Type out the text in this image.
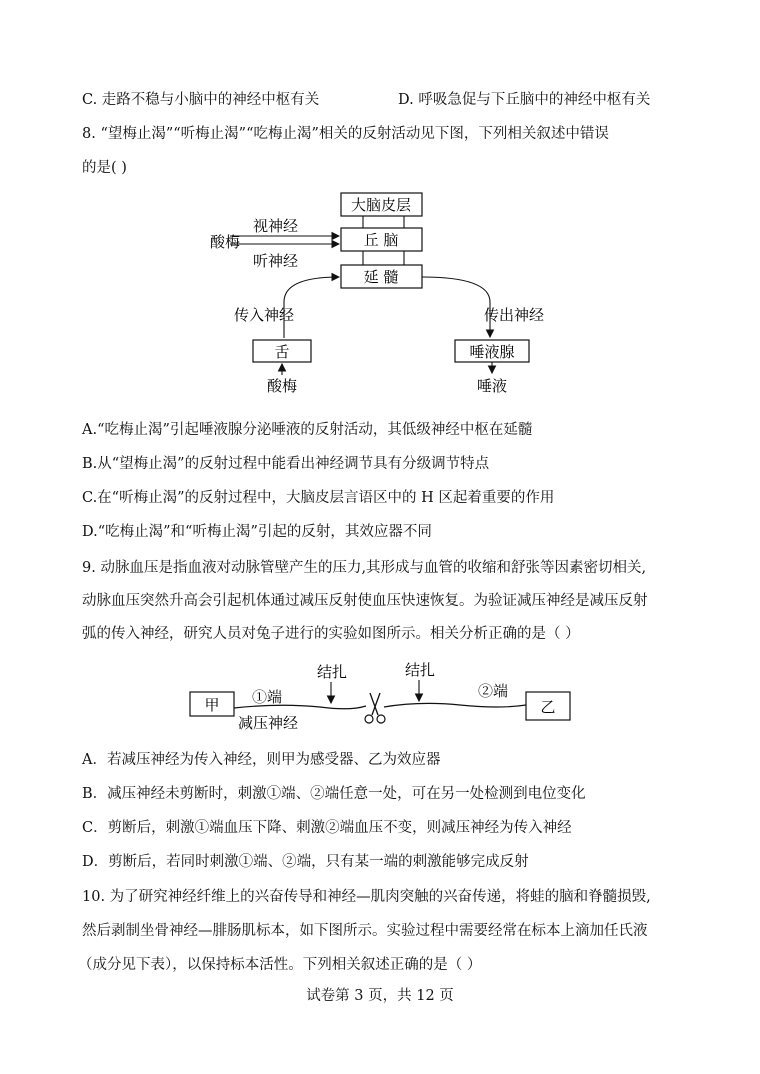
C. 走路不稳与小脑中的神经中枢有关	D. 呼吸急促与下丘脑中的神经中枢有关
8. “望梅止渴”“听梅止渴”“吃梅止渴”相关的反射活动见下图，下列相关叙述中错误
的是( )
大脑皮层
丘 脑
延 髓
酸梅
视神经
听神经
传入神经	传出神经
舌	唾液腺
酸梅	唾液
A.“吃梅止渴”引起唾液腺分泌唾液的反射活动，其低级神经中枢在延髓
B.从“望梅止渴”的反射过程中能看出神经调节具有分级调节特点
C.在“听梅止渴”的反射过程中，大脑皮层言语区中的 H 区起着重要的作用
D.“吃梅止渴”和“听梅止渴”引起的反射，其效应器不同
9. 动脉血压是指血液对动脉管壁产生的压力,其形成与血管的收缩和舒张等因素密切相关,
动脉血压突然升高会引起机体通过减压反射使血压快速恢复。为验证减压神经是减压反射
弧的传入神经，研究人员对兔子进行的实验如图所示。相关分析正确的是（ ）
甲	乙
①端	②端
结扎	结扎
减压神经
A．若减压神经为传入神经，则甲为感受器、乙为效应器
B．减压神经未剪断时，刺激①端、②端任意一处，可在另一处检测到电位变化
C．剪断后，刺激①端血压下降、刺激②端血压不变，则减压神经为传入神经
D．剪断后，若同时刺激①端、②端，只有某一端的刺激能够完成反射
10. 为了研究神经纤维上的兴奋传导和神经—肌肉突触的兴奋传递，将蛙的脑和脊髓损毁,
然后剥制坐骨神经—腓肠肌标本，如下图所示。实验过程中需要经常在标本上滴加任氏液
（成分见下表），以保持标本活性。下列相关叙述正确的是（ ）
试卷第 3 页，共 12 页
